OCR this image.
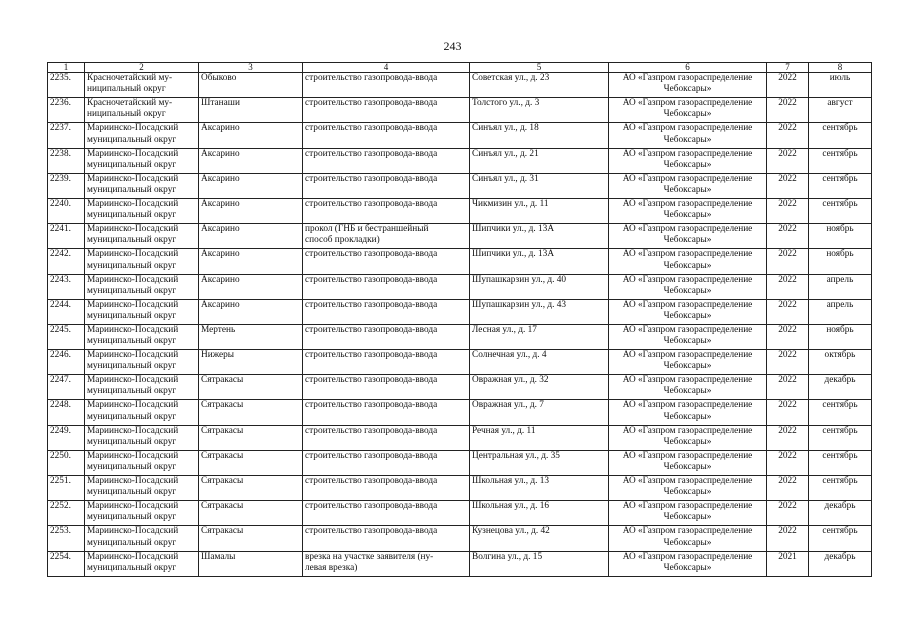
243
1	2	3	4	5	6	7	8

2235.	Красночетайский му-
ниципальный округ	Обыково	строительство газопровода-ввода	Советская ул., д. 23	АО «Газпром газораспределение
Чебоксары»	2022	июль

2236.	Красночетайский му-
ниципальный округ	Штанаши	строительство газопровода-ввода	Толстого ул., д. 3	АО «Газпром газораспределение
Чебоксары»	2022	август

2237.	Мариинско-Посадский
муниципальный округ	Аксарино	строительство газопровода-ввода	Синъял ул., д. 18	АО «Газпром газораспределение
Чебоксары»	2022	сентябрь

2238.	Мариинско-Посадский
муниципальный округ	Аксарино	строительство газопровода-ввода	Синъял ул., д. 21	АО «Газпром газораспределение
Чебоксары»	2022	сентябрь

2239.	Мариинско-Посадский
муниципальный округ	Аксарино	строительство газопровода-ввода	Синъял ул., д. 31	АО «Газпром газораспределение
Чебоксары»	2022	сентябрь

2240.	Мариинско-Посадский
муниципальный округ	Аксарино	строительство газопровода-ввода	Чикмизин ул., д. 11	АО «Газпром газораспределение
Чебоксары»	2022	сентябрь

2241.	Мариинско-Посадский
муниципальный округ	Аксарино	прокол (ГНБ и бестраншейный
способ прокладки)	Шипчики ул., д. 13А	АО «Газпром газораспределение
Чебоксары»	2022	ноябрь

2242.	Мариинско-Посадский
муниципальный округ	Аксарино	строительство газопровода-ввода	Шипчики ул., д. 13А	АО «Газпром газораспределение
Чебоксары»	2022	ноябрь

2243.	Мариинско-Посадский
муниципальный округ	Аксарино	строительство газопровода-ввода	Шупашкарзин ул., д. 40	АО «Газпром газораспределение
Чебоксары»	2022	апрель

2244.	Мариинско-Посадский
муниципальный округ	Аксарино	строительство газопровода-ввода	Шупашкарзин ул., д. 43	АО «Газпром газораспределение
Чебоксары»	2022	апрель

2245.	Мариинско-Посадский
муниципальный округ	Мертень	строительство газопровода-ввода	Лесная ул., д. 17	АО «Газпром газораспределение
Чебоксары»	2022	ноябрь

2246.	Мариинско-Посадский
муниципальный округ	Нижеры	строительство газопровода-ввода	Солнечная ул., д. 4	АО «Газпром газораспределение
Чебоксары»	2022	октябрь

2247.	Мариинско-Посадский
муниципальный округ	Сятракасы	строительство газопровода-ввода	Овражная ул., д. 32	АО «Газпром газораспределение
Чебоксары»	2022	декабрь

2248.	Мариинско-Посадский
муниципальный округ	Сятракасы	строительство газопровода-ввода	Овражная ул., д. 7	АО «Газпром газораспределение
Чебоксары»	2022	сентябрь

2249.	Мариинско-Посадский
муниципальный округ	Сятракасы	строительство газопровода-ввода	Речная ул., д. 11	АО «Газпром газораспределение
Чебоксары»	2022	сентябрь

2250.	Мариинско-Посадский
муниципальный округ	Сятракасы	строительство газопровода-ввода	Центральная ул., д. 35	АО «Газпром газораспределение
Чебоксары»	2022	сентябрь

2251.	Мариинско-Посадский
муниципальный округ	Сятракасы	строительство газопровода-ввода	Школьная ул., д. 13	АО «Газпром газораспределение
Чебоксары»	2022	сентябрь

2252.	Мариинско-Посадский
муниципальный округ	Сятракасы	строительство газопровода-ввода	Школьная ул., д. 16	АО «Газпром газораспределение
Чебоксары»	2022	декабрь

2253.	Мариинско-Посадский
муниципальный округ	Сятракасы	строительство газопровода-ввода	Кузнецова ул., д. 42	АО «Газпром газораспределение
Чебоксары»	2022	сентябрь

2254.	Мариинско-Посадский
муниципальный округ	Шамалы	врезка на участке заявителя (ну-
левая врезка)	Волгина ул., д. 15	АО «Газпром газораспределение
Чебоксары»	2021	декабрь
